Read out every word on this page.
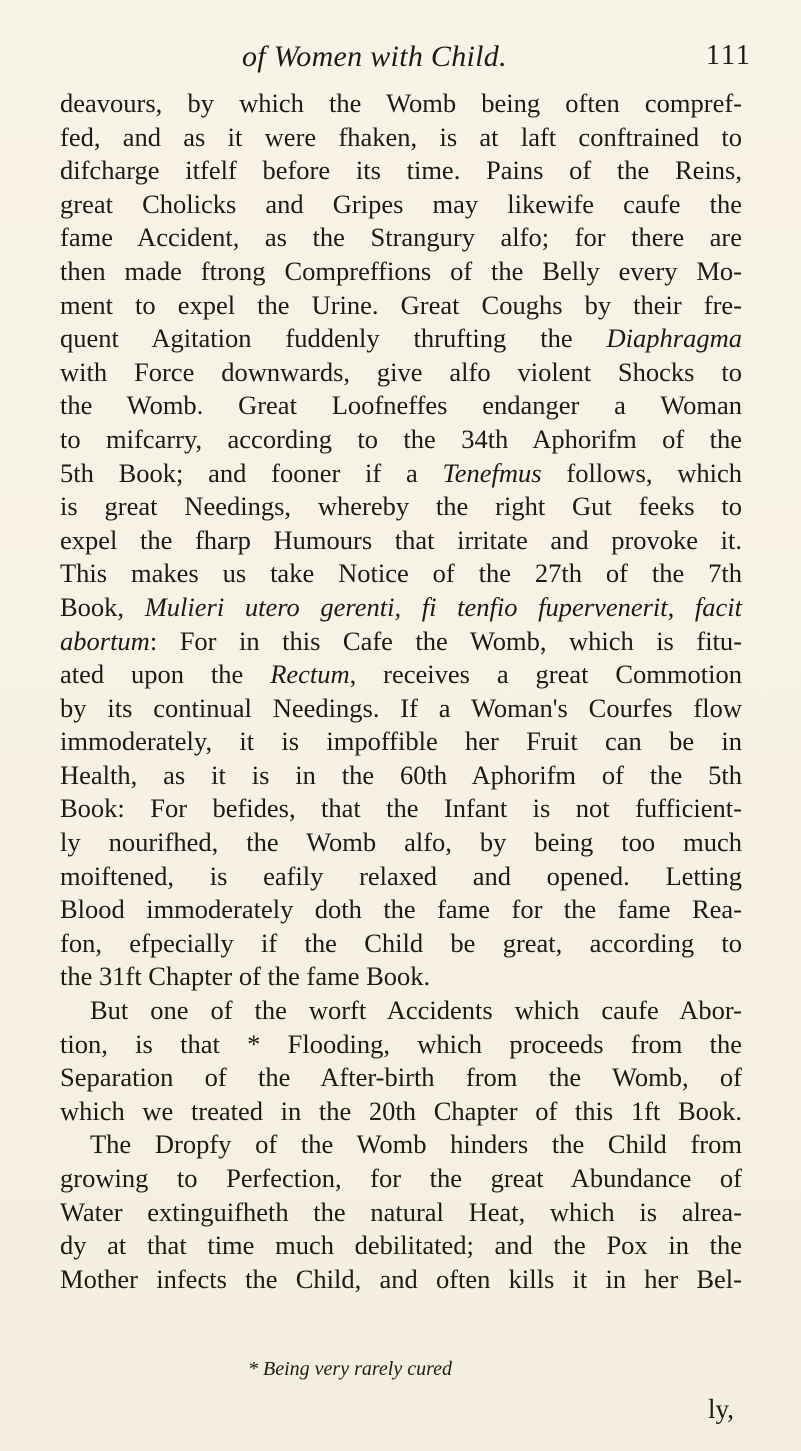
of Women with Child.	111
deavours, by which the Womb being often compref-
fed, and as it were fhaken, is at laft conftrained to
difcharge itfelf before its time. Pains of the Reins,
great Cholicks and Gripes may likewife caufe the
fame Accident, as the Strangury alfo; for there are
then made ftrong Compreffions of the Belly every Mo-
ment to expel the Urine. Great Coughs by their fre-
quent Agitation fuddenly thrufting the Diaphragma
with Force downwards, give alfo violent Shocks to
the Womb. Great Loofneffes endanger a Woman
to mifcarry, according to the 34th Aphorifm of the
5th Book; and fooner if a Tenefmus follows, which
is great Needings, whereby the right Gut feeks to
expel the fharp Humours that irritate and provoke it.
This makes us take Notice of the 27th of the 7th
Book, Mulieri utero gerenti, fi tenfio fupervenerit, facit
abortum: For in this Cafe the Womb, which is fitu-
ated upon the Rectum, receives a great Commotion
by its continual Needings. If a Woman's Courfes flow
immoderately, it is impoffible her Fruit can be in
Health, as it is in the 60th Aphorifm of the 5th
Book: For befides, that the Infant is not fufficient-
ly nourifhed, the Womb alfo, by being too much
moiftened, is eafily relaxed and opened. Letting
Blood immoderately doth the fame for the fame Rea-
fon, efpecially if the Child be great, according to
the 31ft Chapter of the fame Book.
But one of the worft Accidents which caufe Abor-
tion, is that * Flooding, which proceeds from the
Separation of the After-birth from the Womb, of
which we treated in the 20th Chapter of this 1ft Book.
The Dropfy of the Womb hinders the Child from
growing to Perfection, for the great Abundance of
Water extinguifheth the natural Heat, which is alrea-
dy at that time much debilitated; and the Pox in the
Mother infects the Child, and often kills it in her Bel-
* Being very rarely cured
ly,
